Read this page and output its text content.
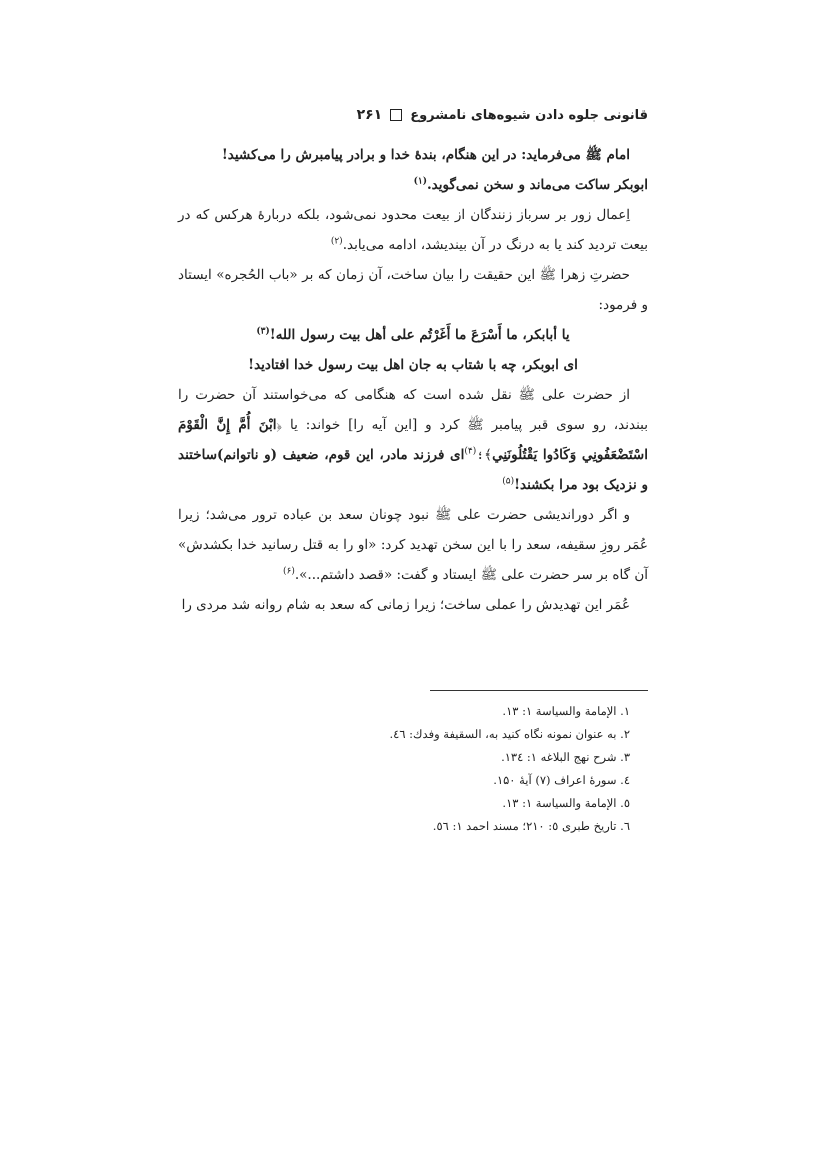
قانونی جلوه دادن شیوه‌های نامشروع
۲۶۱

امام ﷺ می‌فرماید: در این هنگام، بندهٔ خدا و برادر پیامبرش را می‌کشید!
ابوبکر ساکت می‌ماند و سخن نمی‌گوید.$^{(۱)}$

اِعمال زور بر سرباز زنندگان از بیعت محدود نمی‌شود، بلکه دربارهٔ هرکس که در بیعت تردید کند یا به درنگ در آن بیندیشد، ادامه می‌یابد.$^{(۲)}$

حضرتِ زهرا ﷺ این حقیقت را بیان ساخت، آن زمان که بر «باب الحُجره» ایستاد و فرمود:

یا أبابکر، ما أَسْرَعَ ما أَغَرْتُم علی أهل بیت رسول الله!$^{(۳)}$

ای ابوبکر، چه با شتاب به جان اهل بیت رسول خدا افتادید!

از حضرت علی ﷺ نقل شده است که هنگامی که می‌خواستند آن حضرت را ببندند، رو سوی قبر پیامبر ﷺ کرد و [این آیه را] خواند: یا ﴿ابْنَ أُمَّ إِنَّ الْقَوْمَ اسْتَضْعَفُونِي وَكَادُوا يَقْتُلُونَنِي﴾؛$^{(۴)}$ای فرزند مادر، این قوم، ضعیف (و ناتوانم)ساختند و نزدیک بود مرا بکشند!$^{(۵)}$

و اگر دوراندیشی حضرت علی ﷺ نبود چونان سعد بن عباده ترور می‌شد؛ زیرا عُمَر روزِ سقیفه، سعد را با این سخن تهدید کرد: «او را به قتل رسانید خدا بکشدش» آن گاه بر سر حضرت علی ﷺ ایستاد و گفت: «قصد داشتم...».$^{(۶)}$

عُمَر این تهدیدش را عملی ساخت؛ زیرا زمانی که سعد به شام روانه شد مردی را

۱. الإمامة والسیاسة ۱: ۱۳.
۲. به عنوان نمونه نگاه کنید به، السقیفة وفدك: ٤٦.
۳. شرح نهج البلاغه ۱: ۱۳٤.
٤. سورهٔ اعراف (۷) آیهٔ ۱۵۰.
٥. الإمامة والسیاسة ۱: ۱۳.
٦. تاریخ طبری ٥: ۲۱۰؛ مسند احمد ۱: ٥٦.
